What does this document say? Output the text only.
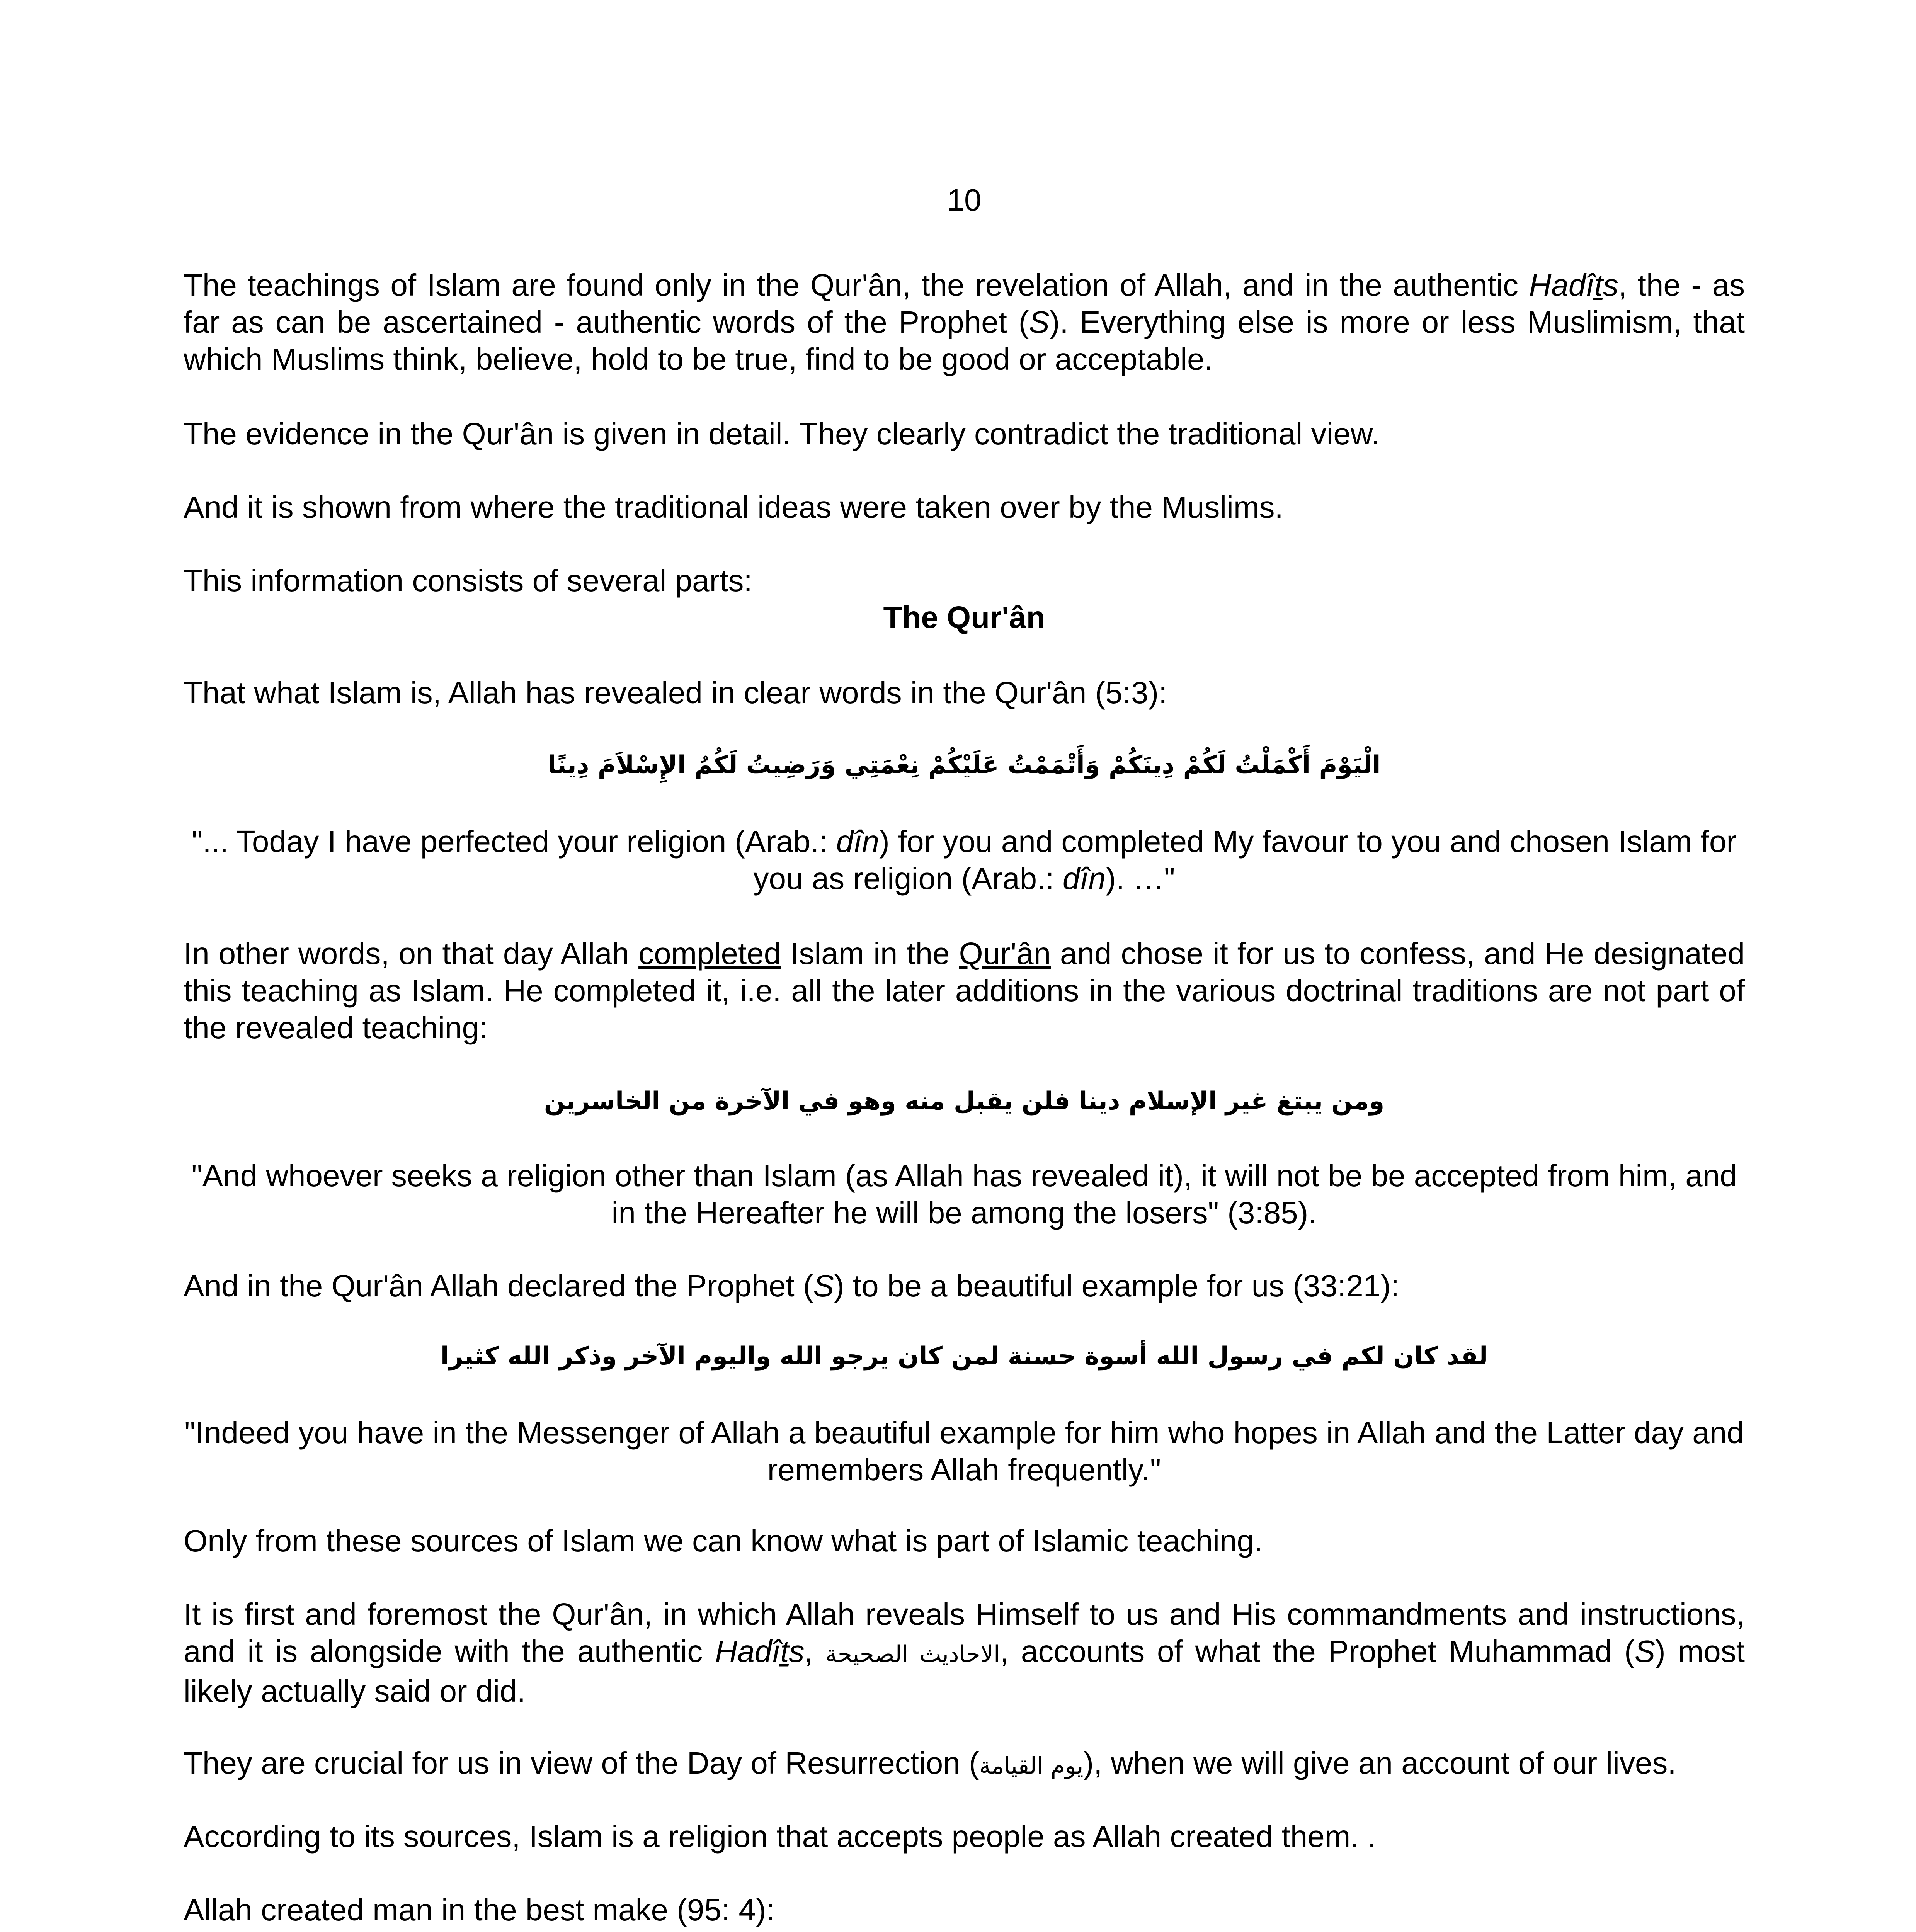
10

The teachings of Islam are found only in the Qur'ân, the revelation of Allah, and in the authentic Hadîṯs, the - as far as can be ascertained - authentic words of the Prophet (S). Everything else is more or less Muslimism, that which Muslims think, believe, hold to be true, find to be good or acceptable.

The evidence in the Qur'ân is given in detail. They clearly contradict the traditional view.

And it is shown from where the traditional ideas were taken over by the Muslims.

This information consists of several parts:

The Qur'ân

That what Islam is, Allah has revealed in clear words in the Qur'ân (5:3):

الْيَوْمَ أَكْمَلْتُ لَكُمْ دِينَكُمْ وَأَتْمَمْتُ عَلَيْكُمْ نِعْمَتِي وَرَضِيتُ لَكُمُ الإِسْلاَمَ دِينًا

"... Today I have perfected your religion (Arab.: dîn) for you and completed My favour to you and chosen Islam for you as religion (Arab.: dîn). …"

In other words, on that day Allah completed Islam in the Qur'ân and chose it for us to confess, and He designated this teaching as Islam. He completed it, i.e. all the later additions in the various doctrinal traditions are not part of the revealed teaching:

ومن يبتغ غير الإسلام دينا فلن يقبل منه وهو في الآخرة من الخاسرين

"And whoever seeks a religion other than Islam (as Allah has revealed it), it will not be be accepted from him, and in the Hereafter he will be among the losers" (3:85).

And in the Qur'ân Allah declared the Prophet (S) to be a beautiful example for us (33:21):

لقد كان لكم في رسول الله أسوة حسنة لمن كان يرجو الله واليوم الآخر وذكر الله كثيرا

"Indeed you have in the Messenger of Allah a beautiful example for him who hopes in Allah and the Latter day and remembers Allah frequently."

Only from these sources of Islam we can know what is part of Islamic teaching.

It is first and foremost the Qur'ân, in which Allah reveals Himself to us and His commandments and instructions, and it is alongside with the authentic Hadîṯs, الاحاديث الصحيحة, accounts of what the Prophet Muhammad (S) most likely actually said or did.

They are crucial for us in view of the Day of Resurrection (يوم القيامة), when we will give an account of our lives.

According to its sources, Islam is a religion that accepts people as Allah created them. .

Allah created man in the best make (95: 4):
